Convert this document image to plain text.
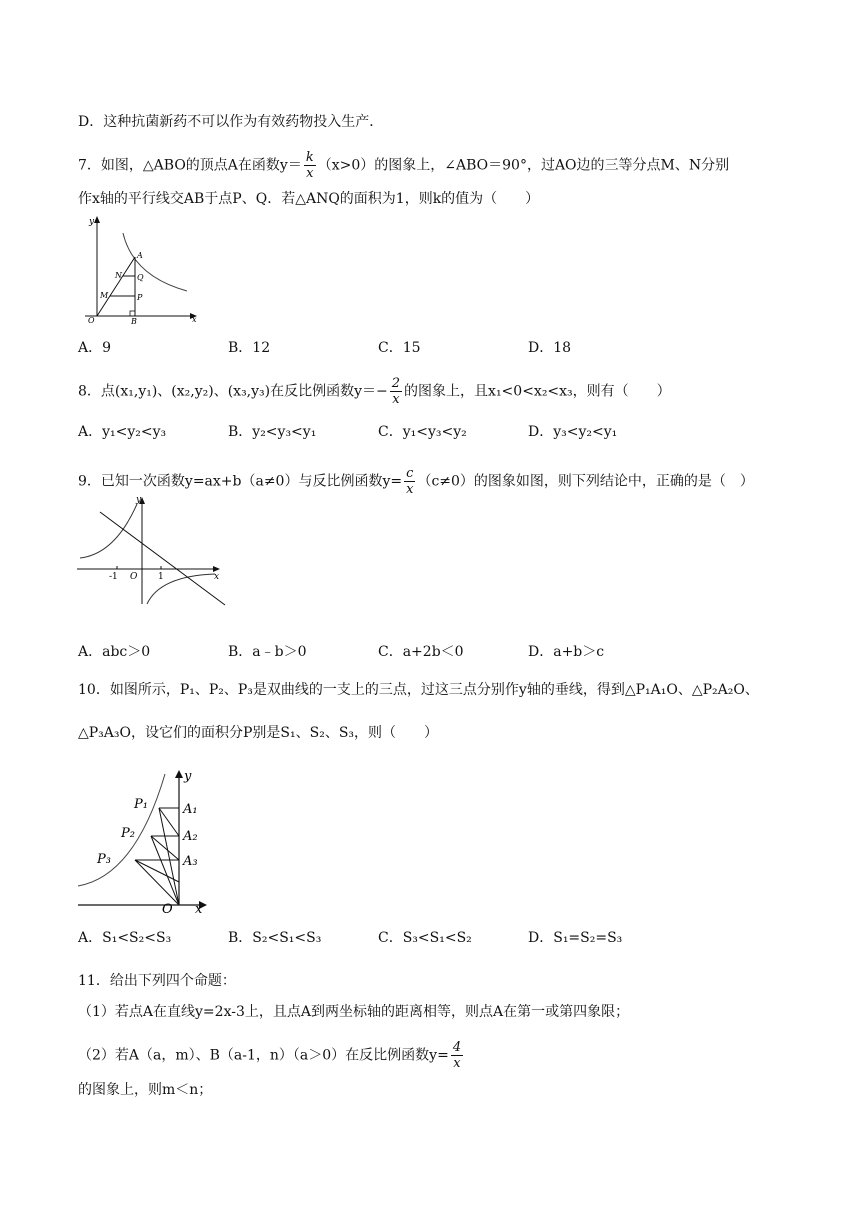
D．这种抗菌新药不可以作为有效药物投入生产．
7．如图，△ABO的顶点A在函数$y= \frac{k}{x} (x>0)$的图象上，∠ABO＝90°，过AO边的三等分点M、N分别
作x轴的平行线交AB于点P、Q．若△ANQ的面积为1，则k的值为（　　）
y
A
N Q
M	P
O	B	x
A．9	B．12	C．15	D．18
8．点(x₁,y₁)、(x₂,y₂)、(x₃,y₃)在反比例函数$y=- \frac{2}{x}$ 的图象上，且x₁<0<x₂<x₃，则有（　　）
A．y₁<y₂<y₃	B．y₂<y₃<y₁	C．y₁<y₃<y₂	D．y₃<y₂<y₁
9．已知一次函数y=ax+b（a≠0）与反比例函数$y= \frac{c}{x} (c\ne 0)$的图象如图，则下列结论中，正确的是（　）
y
-1 O 1	x
A．abc＞0	B．a﹣b＞0	C．a+2b＜0	D．a+b＞c
10．如图所示，P₁、P₂、P₃是双曲线的一支上的三点，过这三点分别作y轴的垂线，得到△P₁A₁O、△P₂A₂O、
△P₃A₃O，设它们的面积分P别是S₁、S₂、S₃，则（　　）
y
P₁
P₂
P₃
A₁
A₂
A₃
O x
A．S₁<S₂<S₃	B．S₂<S₁<S₃	C．S₃<S₁<S₂	D．S₁=S₂=S₃
11．给出下列四个命题：
（1）若点A在直线y=2x-3上，且点A到两坐标轴的距离相等，则点A在第一或第四象限；
（2）若A（a，m）、B（a-1，n）（a＞0）在反比例函数$y= \frac{4}{x}$
的图象上，则m＜n；
